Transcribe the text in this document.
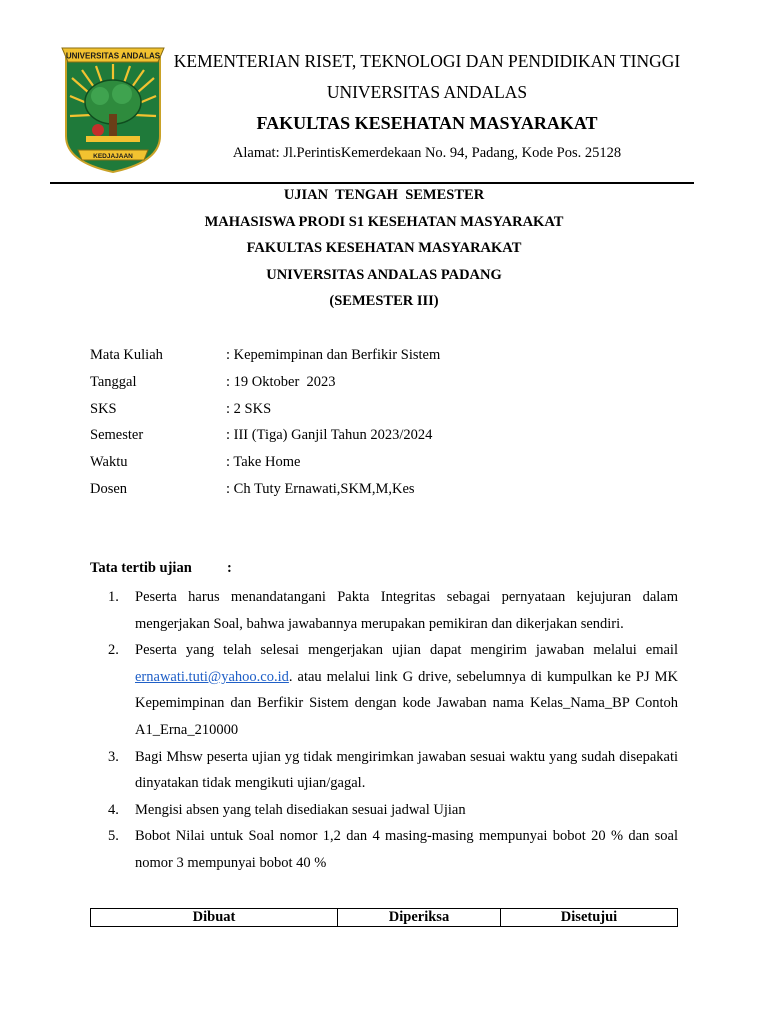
UNIVERSITAS ANDALAS
KEDJAJAAN
KEMENTERIAN RISET, TEKNOLOGI DAN PENDIDIKAN TINGGI
UNIVERSITAS ANDALAS
FAKULTAS KESEHATAN MASYARAKAT
Alamat: Jl.PerintisKemerdekaan No. 94, Padang, Kode Pos. 25128
UJIAN  TENGAH  SEMESTER
MAHASISWA PRODI S1 KESEHATAN MASYARAKAT
FAKULTAS KESEHATAN MASYARAKAT
UNIVERSITAS ANDALAS PADANG
(SEMESTER III)
Mata Kuliah	: Kepemimpinan dan Berfikir Sistem
Tanggal	: 19 Oktober  2023
SKS	: 2 SKS
Semester	: III (Tiga) Ganjil Tahun 2023/2024
Waktu	: Take Home
Dosen	: Ch Tuty Ernawati,SKM,M,Kes
Tata tertib ujian	:
1.	Peserta harus menandatangani Pakta Integritas sebagai pernyataan kejujuran dalam mengerjakan Soal, bahwa jawabannya merupakan pemikiran dan dikerjakan sendiri.
2.	Peserta yang telah selesai mengerjakan ujian dapat mengirim jawaban melalui email ernawati.tuti@yahoo.co.id. atau melalui link G drive, sebelumnya di kumpulkan ke PJ MK Kepemimpinan dan Berfikir Sistem dengan kode Jawaban nama Kelas_Nama_BP Contoh A1_Erna_210000
3.	Bagi Mhsw peserta ujian yg tidak mengirimkan jawaban sesuai waktu yang sudah disepakati dinyatakan tidak mengikuti ujian/gagal.
4.	Mengisi absen yang telah disediakan sesuai jadwal Ujian
5.	Bobot Nilai untuk Soal nomor 1,2 dan 4 masing-masing mempunyai bobot 20 % dan soal nomor 3 mempunyai bobot 40 %
Dibuat	Diperiksa	Disetujui
